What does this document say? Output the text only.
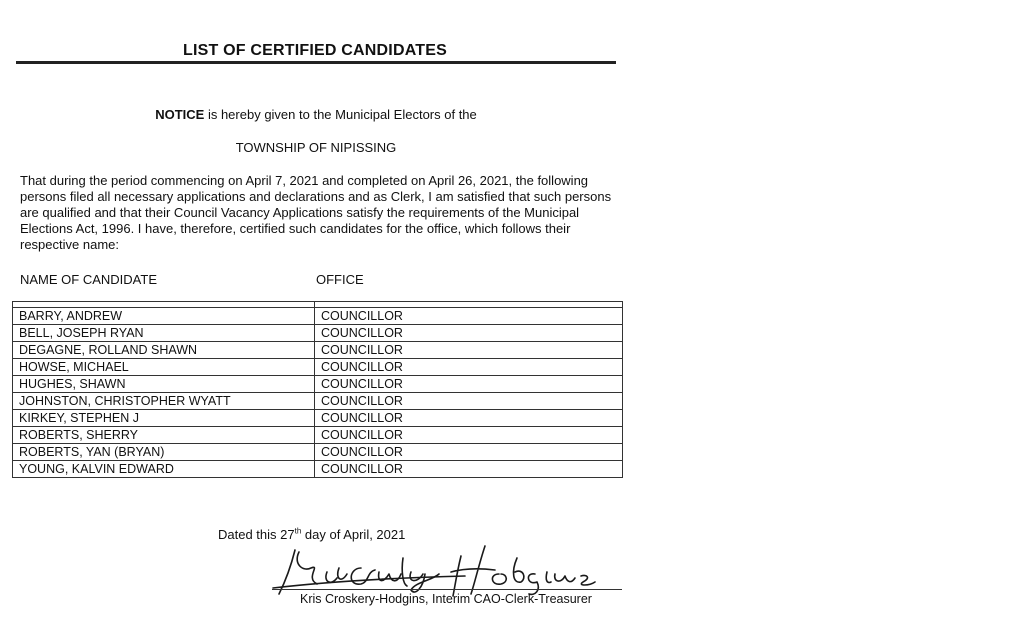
LIST OF CERTIFIED CANDIDATES
NOTICE is hereby given to the Municipal Electors of the
TOWNSHIP OF NIPISSING
That during the period commencing on April 7, 2021 and completed on April 26, 2021, the following persons filed all necessary applications and declarations and as Clerk, I am satisfied that such persons are qualified and that their Council Vacancy Applications satisfy the requirements of the Municipal Elections Act, 1996. I have, therefore, certified such candidates for the office, which follows their respective name:
NAME OF CANDIDATE	OFFICE

BARRY, ANDREW	COUNCILLOR
BELL, JOSEPH RYAN	COUNCILLOR
DEGAGNE, ROLLAND SHAWN	COUNCILLOR
HOWSE, MICHAEL	COUNCILLOR
HUGHES, SHAWN	COUNCILLOR
JOHNSTON, CHRISTOPHER WYATT	COUNCILLOR
KIRKEY, STEPHEN J	COUNCILLOR
ROBERTS, SHERRY	COUNCILLOR
ROBERTS, YAN (BRYAN)	COUNCILLOR
YOUNG, KALVIN EDWARD	COUNCILLOR
Dated this 27th day of April, 2021
Kris Croskery-Hodgins
Kris Croskery-Hodgins, Interim CAO-Clerk-Treasurer
